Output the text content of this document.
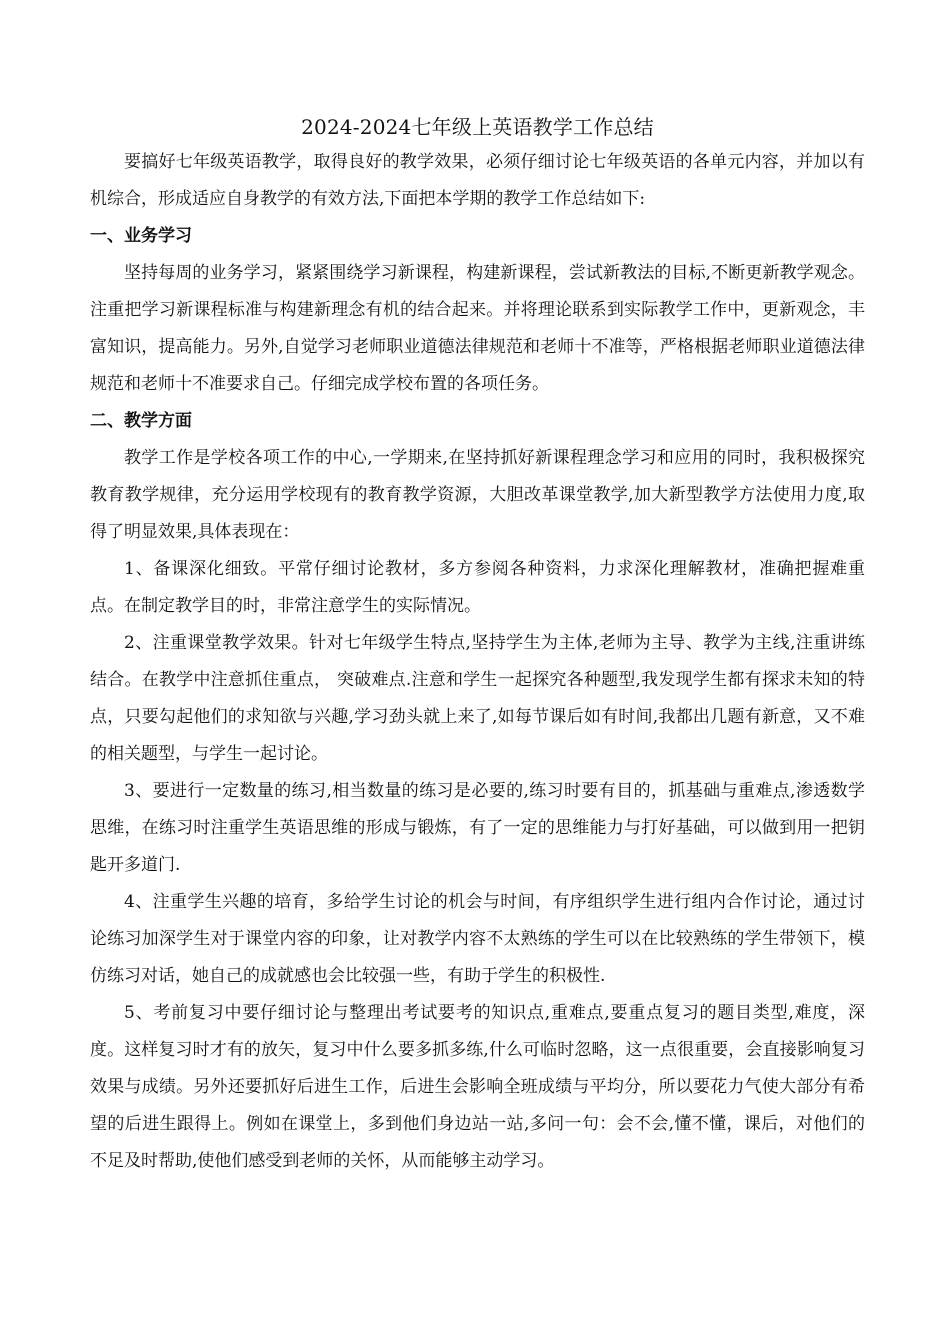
2024-2024七年级上英语教学工作总结

要搞好七年级英语教学，取得良好的教学效果，必须仔细讨论七年级英语的各单元内容，并加以有机综合，形成适应自身教学的有效方法,下面把本学期的教学工作总结如下:

一、业务学习

坚持每周的业务学习，紧紧围绕学习新课程，构建新课程，尝试新教法的目标,不断更新教学观念。注重把学习新课程标准与构建新理念有机的结合起来。并将理论联系到实际教学工作中，更新观念，丰富知识，提高能力。另外,自觉学习老师职业道德法律规范和老师十不准等，严格根据老师职业道德法律规范和老师十不准要求自己。仔细完成学校布置的各项任务。

二、教学方面

教学工作是学校各项工作的中心,一学期来,在坚持抓好新课程理念学习和应用的同时，我积极探究教育教学规律，充分运用学校现有的教育教学资源，大胆改革课堂教学,加大新型教学方法使用力度,取得了明显效果,具体表现在：

1、备课深化细致。平常仔细讨论教材，多方参阅各种资料，力求深化理解教材，准确把握难重点。在制定教学目的时，非常注意学生的实际情况。

2、注重课堂教学效果。针对七年级学生特点,坚持学生为主体,老师为主导、教学为主线,注重讲练结合。在教学中注意抓住重点， 突破难点.注意和学生一起探究各种题型,我发现学生都有探求未知的特点，只要勾起他们的求知欲与兴趣,学习劲头就上来了,如每节课后如有时间,我都出几题有新意，又不难的相关题型，与学生一起讨论。

3、要进行一定数量的练习,相当数量的练习是必要的,练习时要有目的，抓基础与重难点,渗透数学思维，在练习时注重学生英语思维的形成与锻炼，有了一定的思维能力与打好基础，可以做到用一把钥匙开多道门.

4、注重学生兴趣的培育，多给学生讨论的机会与时间，有序组织学生进行组内合作讨论，通过讨论练习加深学生对于课堂内容的印象，让对教学内容不太熟练的学生可以在比较熟练的学生带领下，模仿练习对话，她自己的成就感也会比较强一些，有助于学生的积极性.

5、考前复习中要仔细讨论与整理出考试要考的知识点,重难点,要重点复习的题目类型,难度，深度。这样复习时才有的放矢，复习中什么要多抓多练,什么可临时忽略，这一点很重要，会直接影响复习效果与成绩。另外还要抓好后进生工作，后进生会影响全班成绩与平均分，所以要花力气使大部分有希望的后进生跟得上。例如在课堂上，多到他们身边站一站,多问一句：会不会,懂不懂，课后，对他们的不足及时帮助,使他们感受到老师的关怀，从而能够主动学习。
